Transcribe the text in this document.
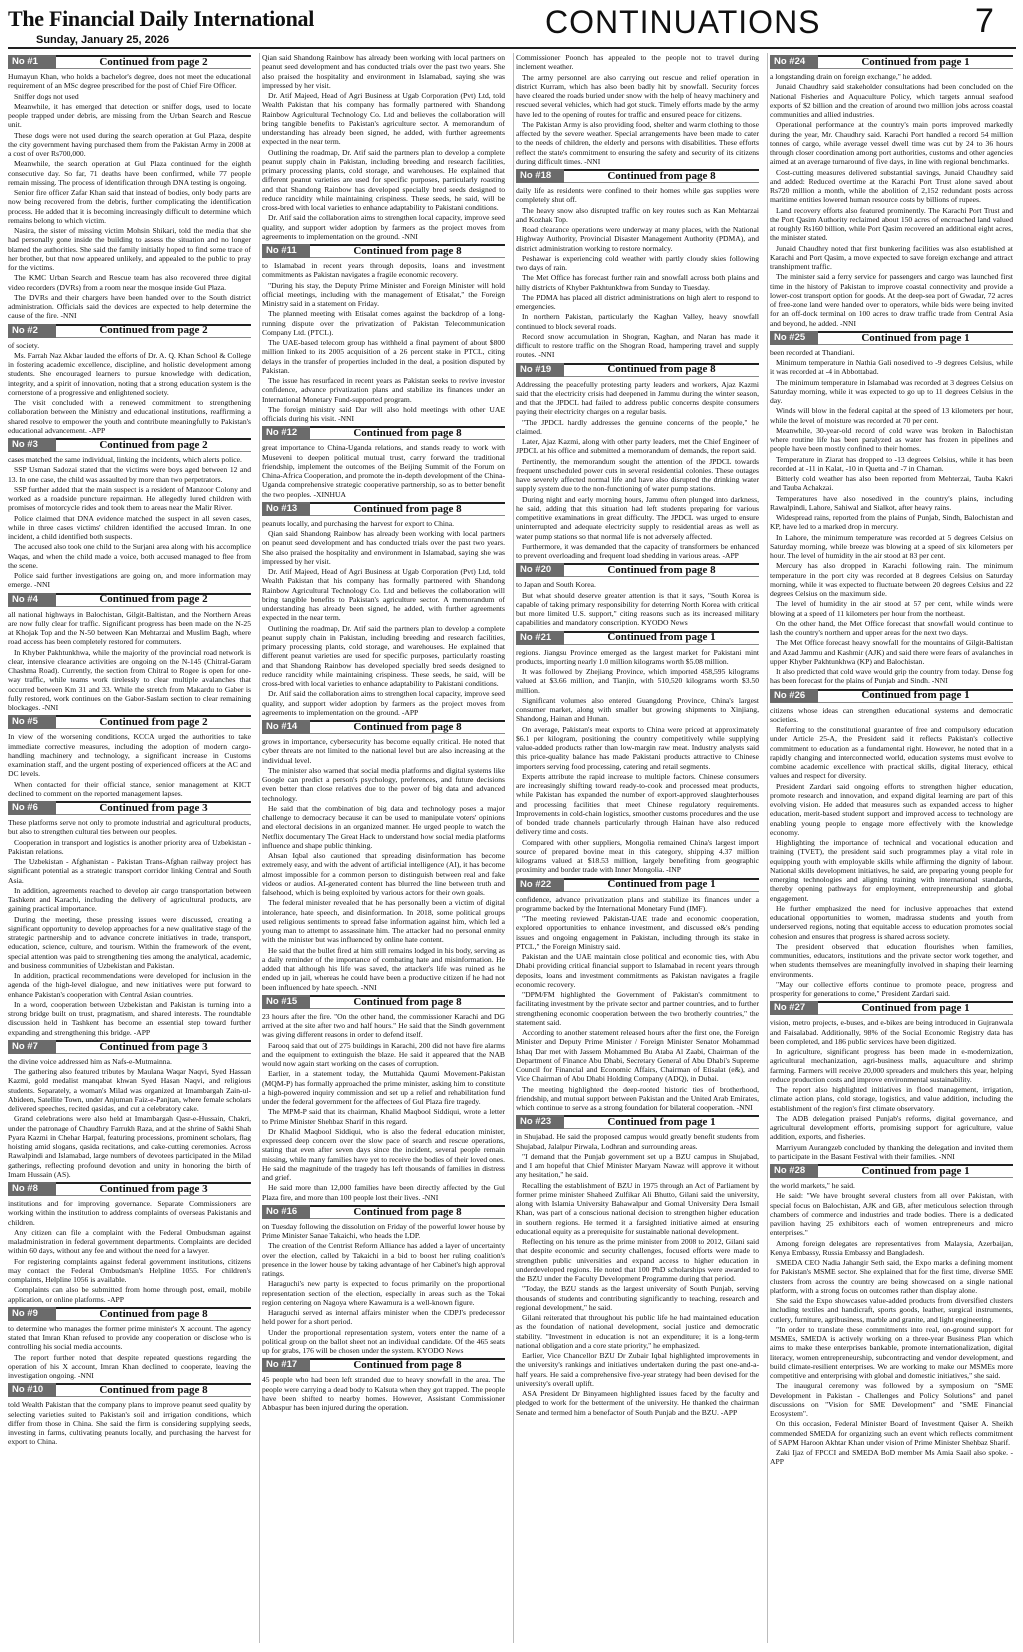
The Financial Daily International
Sunday, January 25, 2026	CONTINUATIONS	7
No #1	Continued from page 2

Humayun Khan, who holds a bachelor's degree, does not meet the educational requirement of an MSc degree prescribed for the post of Chief Fire Officer.

Sniffer dogs not used

Meanwhile, it has emerged that detection or sniffer dogs, used to locate people trapped under debris, are missing from the Urban Search and Rescue unit.

These dogs were not used during the search operation at Gul Plaza, despite the city government having purchased them from the Pakistan Army in 2008 at a cost of over Rs700,000.

Meanwhile, the search operation at Gul Plaza continued for the eighth consecutive day. So far, 71 deaths have been confirmed, while 77 people remain missing. The process of identification through DNA testing is ongoing.

Senior fire officer Zafar Khan said that instead of bodies, only body parts are now being recovered from the debris, further complicating the identification process. He added that it is becoming increasingly difficult to determine which remains belong to which victim.

Nasira, the sister of missing victim Mohsin Shikari, told the media that she had personally gone inside the building to assess the situation and no longer blamed the authorities. She said the family initially hoped to find some trace of her brother, but that now appeared unlikely, and appealed to the public to pray for the victims.

The KMC Urban Search and Rescue team has also recovered three digital video recorders (DVRs) from a room near the mosque inside Gul Plaza.

The DVRs and their chargers have been handed over to the South district administration. Officials said the devices are expected to help determine the cause of the fire. -NNI

No #2	Continued from page 2

of society.

Ms. Farrah Naz Akbar lauded the efforts of Dr. A. Q. Khan School & College in fostering academic excellence, discipline, and holistic development among students. She encouraged learners to pursue knowledge with dedication, integrity, and a spirit of innovation, noting that a strong education system is the cornerstone of a progressive and enlightened society.

The visit concluded with a renewed commitment to strengthening collaboration between the Ministry and educational institutions, reaffirming a shared resolve to empower the youth and contribute meaningfully to Pakistan's educational advancement. -APP

No #3	Continued from page 2

cases matched the same individual, linking the incidents, which alerts police.

SSP Usman Sadozai stated that the victims were boys aged between 12 and 13. In one case, the child was assaulted by more than two perpetrators.

SSP further added that the main suspect is a resident of Manzoor Colony and worked as a roadside puncture repairman. He allegedly lured children with promises of motorcycle rides and took them to areas near the Malir River.

Police claimed that DNA evidence matched the suspect in all seven cases, while in three cases victims' children identified the accused Imran. In one incident, a child identified both suspects.

The accused also took one child to the Surjani area along with his accomplice Waqas, and when the child made a voice, both accused managed to flee from the scene.

Police said further investigations are going on, and more information may emerge. -NNI

No #4	Continued from page 2

all national highways in Balochistan, Gilgit-Baltistan, and the Northern Areas are now fully clear for traffic. Significant progress has been made on the N-25 at Khojak Top and the N-50 between Kan Mehtarzai and Muslim Bagh, where road access has been completely restored for commuters.

In Khyber Pakhtunkhwa, while the majority of the provincial road network is clear, intensive clearance activities are ongoing on the N-145 (Chitral-Garam Chashma Road). Currently, the section from Chitral to Rogee is open for one-way traffic, while teams work tirelessly to clear multiple avalanches that occurred between Km 31 and 33. While the stretch from Makardu to Gaber is fully restored, work continues on the Gabor-Saslam section to clear remaining blockages. -NNI

No #5	Continued from page 2

In view of the worsening conditions, KCCA urged the authorities to take immediate corrective measures, including the adoption of modern cargo-handling machinery and technology, a significant increase in Customs examination staff, and the urgent posting of experienced officers at the AC and DC levels.

When contacted for their official stance, senior management at KICT declined to comment on the reported management lapses.

No #6	Continued from page 3

These platforms serve not only to promote industrial and agricultural products, but also to strengthen cultural ties between our peoples.

Cooperation in transport and logistics is another priority area of Uzbekistan - Pakistan relations.

The Uzbekistan - Afghanistan - Pakistan Trans-Afghan railway project has significant potential as a strategic transport corridor linking Central and South Asia.

In addition, agreements reached to develop air cargo transportation between Tashkent and Karachi, including the delivery of agricultural products, are gaining practical importance.

During the meeting, these pressing issues were discussed, creating a significant opportunity to develop approaches for a new qualitative stage of the strategic partnership and to advance concrete initiatives in trade, transport, education, science, culture, and tourism. Within the framework of the event, special attention was paid to strengthening ties among the analytical, academic, and business communities of Uzbekistan and Pakistan.

In addition, practical recommendations were developed for inclusion in the agenda of the high-level dialogue, and new initiatives were put forward to enhance Pakistan's cooperation with Central Asian countries.

In a word, cooperation between Uzbekistan and Pakistan is turning into a strong bridge built on trust, pragmatism, and shared interests. The roundtable discussion held in Tashkent has become an essential step toward further expanding and strengthening this bridge. -APP

No #7	Continued from page 3

the divine voice addressed him as Nafs-e-Mutmainna.

The gathering also featured tributes by Maulana Waqar Naqvi, Syed Hassan Kazmi, gold medalist manqabat khwan Syed Hasan Naqvi, and religious students. Separately, a woman's Milad was organized at Imambargah Zain-ul-Abideen, Satellite Town, under Anjuman Faiz-e-Panjtan, where female scholars delivered speeches, recited qasidas, and cut a celebratory cake.

Grand celebrations were also held at Imambargah Qasr-e-Hussain, Chakri, under the patronage of Chaudhry Farrukh Raza, and at the shrine of Sakhi Shah Pyara Kazmi in Chehar Harpal, featuring processions, prominent scholars, flag hoisting amid slogans, qasida recitations, and cake-cutting ceremonies. Across Rawalpindi and Islamabad, large numbers of devotees participated in the Milad gatherings, reflecting profound devotion and unity in honoring the birth of Imam Hussain (AS).

No #8	Continued from page 3

institutions and for improving governance. Separate Commissioners are working within the institution to address complaints of overseas Pakistanis and children.

Any citizen can file a complaint with the Federal Ombudsman against maladministration in federal government departments. Complaints are decided within 60 days, without any fee and without the need for a lawyer.

For registering complaints against federal government institutions, citizens may contact the Federal Ombudsman's Helpline 1055. For children's complaints, Helpline 1056 is available.

Complaints can also be submitted from home through post, email, mobile application, or online platforms. -APP

No #9	Continued from page 8

to determine who manages the former prime minister's X account. The agency stated that Imran Khan refused to provide any cooperation or disclose who is controlling his social media accounts.

The report further noted that despite repeated questions regarding the operation of his X account, Imran Khan declined to cooperate, leaving the investigation ongoing. -NNI

No #10	Continued from page 8

told Wealth Pakistan that the company plans to improve peanut seed quality by selecting varieties suited to Pakistan's soil and irrigation conditions, which differ from those in China. She said the firm is considering supplying seeds, investing in farms, cultivating peanuts locally, and purchasing the harvest for export to China.

Qian said Shandong Rainbow has already been working with local partners on peanut seed development and has conducted trials over the past two years. She also praised the hospitality and environment in Islamabad, saying she was impressed by her visit.

Dr. Atif Majeed, Head of Agri Business at Ugab Corporation (Pvt) Ltd, told Wealth Pakistan that his company has formally partnered with Shandong Rainbow Agricultural Technology Co. Ltd and believes the collaboration will bring tangible benefits to Pakistan's agriculture sector. A memorandum of understanding has already been signed, he added, with further agreements expected in the near term.

Outlining the roadmap, Dr. Atif said the partners plan to develop a complete peanut supply chain in Pakistan, including breeding and research facilities, primary processing plants, cold storage, and warehouses. He explained that different peanut varieties are used for specific purposes, particularly roasting and that Shandong Rainbow has developed specially bred seeds designed to reduce rancidity while maintaining crispiness. These seeds, he said, will be cross-bred with local varieties to enhance adaptability to Pakistani conditions.

Dr. Atif said the collaboration aims to strengthen local capacity, improve seed quality, and support wider adoption by farmers as the project moves from agreements to implementation on the ground. -NNI

No #11	Continued from page 8

to Islamabad in recent years through deposits, loans and investment commitments as Pakistan navigates a fragile economic recovery.

"During his stay, the Deputy Prime Minister and Foreign Minister will hold official meetings, including with the management of Etisalat," the Foreign Ministry said in a statement on Friday.

The planned meeting with Etisalat comes against the backdrop of a long-running dispute over the privatization of Pakistan Telecommunication Company Ltd. (PTCL).

The UAE-based telecom group has withheld a final payment of about $800 million linked to its 2005 acquisition of a 26 percent stake in PTCL, citing delays in the transfer of properties included in the deal, a position disputed by Pakistan.

The issue has resurfaced in recent years as Pakistan seeks to revive investor confidence, advance privatization plans and stabilize its finances under an International Monetary Fund-supported program.

The foreign ministry said Dar will also hold meetings with other UAE officials during his visit. -NNI

No #12	Continued from page 8

great importance to China-Uganda relations, and stands ready to work with Museveni to deepen political mutual trust, carry forward the traditional friendship, implement the outcomes of the Beijing Summit of the Forum on China-Africa Cooperation, and promote the in-depth development of the China-Uganda comprehensive strategic cooperative partnership, so as to better benefit the two peoples. -XINHUA

No #13	Continued from page 8

peanuts locally, and purchasing the harvest for export to China.

Qian said Shandong Rainbow has already been working with local partners on peanut seed development and has conducted trials over the past two years. She also praised the hospitality and environment in Islamabad, saying she was impressed by her visit.

Dr. Atif Majeed, Head of Agri Business at Ugab Corporation (Pvt) Ltd, told Wealth Pakistan that his company has formally partnered with Shandong Rainbow Agricultural Technology Co. Ltd and believes the collaboration will bring tangible benefits to Pakistan's agriculture sector. A memorandum of understanding has already been signed, he added, with further agreements expected in the near term.

Outlining the roadmap, Dr. Atif said the partners plan to develop a complete peanut supply chain in Pakistan, including breeding and research facilities, primary processing plants, cold storage, and warehouses. He explained that different peanut varieties are used for specific purposes, particularly roasting and that Shandong Rainbow has developed specially bred seeds designed to reduce rancidity while maintaining crispiness. These seeds, he said, will be cross-bred with local varieties to enhance adaptability to Pakistani conditions.

Dr. Atif said the collaboration aims to strengthen local capacity, improve seed quality, and support wider adoption by farmers as the project moves from agreements to implementation on the ground. -APP

No #14	Continued from page 8

grows in importance, cybersecurity has become equally critical. He noted that cyber threats are not limited to the national level but are also increasing at the individual level.

The minister also warned that social media platforms and digital systems like Google can predict a person's psychology, preferences, and future decisions even better than close relatives due to the power of big data and advanced technology.

He said that the combination of big data and technology poses a major challenge to democracy because it can be used to manipulate voters' opinions and electoral decisions in an organized manner. He urged people to watch the Netflix documentary The Great Hack to understand how social media platforms influence and shape public thinking.

Ahsan Iqbal also cautioned that spreading disinformation has become extremely easy, and with the advent of artificial intelligence (AI), it has become almost impossible for a common person to distinguish between real and fake videos or audios. AI-generated content has blurred the line between truth and falsehood, which is being exploited by various actors for their own goals.

The federal minister revealed that he has personally been a victim of digital intolerance, hate speech, and disinformation. In 2018, some political groups used religious sentiments to spread false information against him, which led a young man to attempt to assassinate him. The attacker had no personal enmity with the minister but was influenced by online hate content.

He said that the bullet fired at him still remains lodged in his body, serving as a daily reminder of the importance of combating hate and misinformation. He added that although his life was saved, the attacker's life was ruined as he ended up in jail, whereas he could have been a productive citizen if he had not been influenced by hate speech. -NNI

No #15	Continued from page 8

23 hours after the fire. "On the other hand, the commissioner Karachi and DG arrived at the site after two and half hours." He said that the Sindh government was giving different reasons in order to defend itself.

Farooq said that out of 275 buildings in Karachi, 200 did not have fire alarms and the equipment to extinguish the blaze. He said it appeared that the NAB would now again start working on the cases of corruption.

Earlier, in a statement today, the Muttahida Qaumi Movement-Pakistan (MQM-P) has formally approached the prime minister, asking him to constitute a high-powered inquiry commission and set up a relief and rehabilitation fund under the federal government for the affectees of Gul Plaza fire tragedy.

The MPM-P said that its chairman, Khalid Maqbool Siddiqui, wrote a letter to Prime Minister Shehbaz Sharif in this regard.

Dr Khalid Maqbool Siddiqui, who is also the federal education minister, expressed deep concern over the slow pace of search and rescue operations, stating that even after seven days since the incident, several people remain missing, while many families have yet to receive the bodies of their loved ones. He said the magnitude of the tragedy has left thousands of families in distress and grief.

He said more than 12,000 families have been directly affected by the Gul Plaza fire, and more than 100 people lost their lives. -NNI

No #16	Continued from page 8

on Tuesday following the dissolution on Friday of the powerful lower house by Prime Minister Sanae Takaichi, who heads the LDP.

The creation of the Centrist Reform Alliance has added a layer of uncertainty over the election, called by Takaichi in a bid to boost her ruling coalition's presence in the lower house by taking advantage of her Cabinet's high approval ratings.

Haraguchi's new party is expected to focus primarily on the proportional representation section of the election, especially in areas such as the Tokai region centering on Nagoya where Kawamura is a well-known figure.

Haraguchi served as internal affairs minister when the CDPJ's predecessor held power for a short period.

Under the proportional representation system, voters enter the name of a political group on the ballot sheet not an individual candidate. Of the 465 seats up for grabs, 176 will be chosen under the system. KYODO News

No #17	Continued from page 8

45 people who had been left stranded due to heavy snowfall in the area. The people were carrying a dead body to Kalsuta when they got trapped. The people have been shifted to nearby homes. However, Assistant Commissioner Abbaspur has been injured during the operation.

Commissioner Poonch has appealed to the people not to travel during inclement weather.

The army personnel are also carrying out rescue and relief operation in district Kurram, which has also been badly hit by snowfall. Security forces have cleared the roads buried under snow with the help of heavy machinery and rescued several vehicles, which had got stuck. Timely efforts made by the army have led to the opening of routes for traffic and ensured peace for citizens.

The Pakistan Army is also providing food, shelter and warm clothing to those affected by the severe weather. Special arrangements have been made to cater to the needs of children, the elderly and persons with disabilities. These efforts reflect the state's commitment to ensuring the safety and security of its citizens during difficult times. -NNI

No #18	Continued from page 8

daily life as residents were confined to their homes while gas supplies were completely shut off.

The heavy snow also disrupted traffic on key routes such as Kan Mehtarzai and Kozhak Top.

Road clearance operations were underway at many places, with the National Highway Authority, Provincial Disaster Management Authority (PDMA), and district administration working to restore normalcy.

Peshawar is experiencing cold weather with partly cloudy skies following two days of rain.

The Met Office has forecast further rain and snowfall across both plains and hilly districts of Khyber Pakhtunkhwa from Sunday to Tuesday.

The PDMA has placed all district administrations on high alert to respond to emergencies.

In northern Pakistan, particularly the Kaghan Valley, heavy snowfall continued to block several roads.

Record snow accumulation in Shogran, Kaghan, and Naran has made it difficult to restore traffic on the Shogran Road, hampering travel and supply routes. -NNI

No #19	Continued from page 8

Addressing the peacefully protesting party leaders and workers, Ajaz Kazmi said that the electricity crisis had deepened in Jammu during the winter season, and that the JPDCL had failed to address public concerns despite consumers paying their electricity charges on a regular basis.

"The JPDCL hardly addresses the genuine concerns of the people," he claimed.

Later, Ajaz Kazmi, along with other party leaders, met the Chief Engineer of JPDCL at his office and submitted a memorandum of demands, the report said.

Pertinently, the memorandum sought the attention of the JPDCL towards frequent unscheduled power cuts in several residential colonies. These outages have severely affected normal life and have also disrupted the drinking water supply system due to the non-functioning of water pump stations.

During night and early morning hours, Jammu often plunged into darkness, he said, adding that this situation had left students preparing for various competitive examinations in great difficulty. The JPDCL was urged to ensure uninterrupted and adequate electricity supply to residential areas as well as water pump stations so that normal life is not adversely affected.

Furthermore, it was demanded that the capacity of transformers be enhanced to prevent overloading and frequent load shedding in various areas. -APP

No #20	Continued from page 8

to Japan and South Korea.

But what should deserve greater attention is that it says, "South Korea is capable of taking primary responsibility for deterring North Korea with critical but more limited U.S. support," citing reasons such as its increased military capabilities and mandatory conscription. KYODO News

No #21	Continued from page 1

regions. Jiangsu Province emerged as the largest market for Pakistani mint products, importing nearly 1.0 million kilograms worth $5.08 million.

It was followed by Zhejiang Province, which imported 458,595 kilograms valued at $3.66 million, and Tianjin, with 510,520 kilograms worth $3.50 million.

Significant volumes also entered Guangdong Province, China's largest consumer market, along with smaller but growing shipments to Xinjiang, Shandong, Hainan and Hunan.

On average, Pakistan's meat exports to China were priced at approximately $6.1 per kilogram, positioning the country competitively while supplying value-added products rather than low-margin raw meat. Industry analysts said this price-quality balance has made Pakistani products attractive to Chinese importers serving food processing, catering and retail segments.

Experts attribute the rapid increase to multiple factors. Chinese consumers are increasingly shifting toward ready-to-cook and processed meat products, while Pakistan has expanded the number of export-approved slaughterhouses and processing facilities that meet Chinese regulatory requirements. Improvements in cold-chain logistics, smoother customs procedures and the use of bonded trade channels particularly through Hainan have also reduced delivery time and costs.

Compared with other suppliers, Mongolia remained China's largest import source of prepared bovine meat in this category, shipping 4.37 million kilograms valued at $18.53 million, largely benefiting from geographic proximity and border trade with Inner Mongolia. -INP

No #22	Continued from page 1

confidence, advance privatization plans and stabilize its finances under a programme backed by the International Monetary Fund (IMF).

"The meeting reviewed Pakistan-UAE trade and economic cooperation, explored opportunities to enhance investment, and discussed e&'s pending issues and ongoing engagement in Pakistan, including through its stake in PTCL," the Foreign Ministry said.

Pakistan and the UAE maintain close political and economic ties, with Abu Dhabi providing critical financial support to Islamabad in recent years through deposits, loans and investment commitments as Pakistan navigates a fragile economic recovery.

"DPM/FM highlighted the Government of Pakistan's commitment to facilitating investment by the private sector and partner countries, and to further strengthening economic cooperation between the two brotherly countries," the statement said.

According to another statement released hours after the first one, the Foreign Minister and Deputy Prime Minister / Foreign Minister Senator Mohammad Ishaq Dar met with Jassem Mohammed Bu Ataba Al Zaabi, Chairman of the Department of Finance Abu Dhabi, Secretary General of Abu Dhabi's Supreme Council for Financial and Economic Affairs, Chairman of Etisalat (e&), and Vice Chairman of Abu Dhabi Holding Company (ADQ), in Dubai.

The meeting highlighted the deep-rooted historic ties of brotherhood, friendship, and mutual support between Pakistan and the United Arab Emirates, which continue to serve as a strong foundation for bilateral cooperation. -NNI

No #23	Continued from page 1

in Shujabad. He said the proposed campus would greatly benefit students from Shujabad, Jalalpur Pirwala, Lodhran and surrounding areas.

"I demand that the Punjab government set up a BZU campus in Shujabad, and I am hopeful that Chief Minister Maryam Nawaz will approve it without any hesitation," he said.

Recalling the establishment of BZU in 1975 through an Act of Parliament by former prime minister Shaheed Zulfikar Ali Bhutto, Gilani said the university, along with Islamia University Bahawalpur and Gomal University Dera Ismail Khan, was part of a conscious national decision to strengthen higher education in southern regions. He termed it a farsighted initiative aimed at ensuring educational equity as a prerequisite for sustainable national development.

Reflecting on his tenure as the prime minister from 2008 to 2012, Gilani said that despite economic and security challenges, focused efforts were made to strengthen public universities and expand access to higher education in underdeveloped regions. He noted that 100 PhD scholarships were awarded to the BZU under the Faculty Development Programme during that period.

"Today, the BZU stands as the largest university of South Punjab, serving thousands of students and contributing significantly to teaching, research and regional development," he said.

Gilani reiterated that throughout his public life he had maintained education as the foundation of national development, social justice and democratic stability. "Investment in education is not an expenditure; it is a long-term national obligation and a core state priority," he emphasized.

Earlier, Vice Chancellor BZU Dr Zubair Iqbal highlighted improvements in the university's rankings and initiatives undertaken during the past one-and-a-half years. He said a comprehensive five-year strategy had been devised for the university's overall uplift.

ASA President Dr Binyameen highlighted issues faced by the faculty and pledged to work for the betterment of the university. He thanked the chairman Senate and termed him a benefactor of South Punjab and the BZU. -APP

No #24	Continued from page 1

a longstanding drain on foreign exchange," he added.

Junaid Chaudhry said stakeholder consultations had been concluded on the National Fisheries and Aquaculture Policy, which targets annual seafood exports of $2 billion and the creation of around two million jobs across coastal communities and allied industries.

Operational performance at the country's main ports improved markedly during the year, Mr. Chaudhry said. Karachi Port handled a record 54 million tonnes of cargo, while average vessel dwell time was cut by 24 to 36 hours through closer coordination among port authorities, customs and other agencies aimed at an average turnaround of five days, in line with regional benchmarks.

Cost-cutting measures delivered substantial savings, Junaid Chaudhry said and added: Reduced overtime at the Karachi Port Trust alone saved about Rs720 million a month, while the abolition of 2,152 redundant posts across maritime entities lowered human resource costs by billions of rupees.

Land recovery efforts also featured prominently. The Karachi Port Trust and the Port Qasim Authority reclaimed about 150 acres of encroached land valued at roughly Rs160 billion, while Port Qasim recovered an additional eight acres, the minister stated.

Junaid Chaudhry noted that first bunkering facilities was also established at Karachi and Port Qasim, a move expected to save foreign exchange and attract transhipment traffic.

The minister said a ferry service for passengers and cargo was launched first time in the history of Pakistan to improve coastal connectivity and provide a lower-cost transport option for goods. At the deep-sea port of Gwadar, 72 acres of free-zone land were handed over to operators, while bids were being invited for an off-dock terminal on 100 acres to draw traffic trade from Central Asia and beyond, he added. -NNI

No #25	Continued from page 1

been recorded at Thandiani.

Minimum temperature in Nathia Gali nosedived to -9 degrees Celsius, while it was recorded at -4 in Abbottabad.

The minimum temperature in Islamabad was recorded at 3 degrees Celsius on Saturday morning, while it was expected to go up to 11 degrees Celsius in the day.

Winds will blow in the federal capital at the speed of 13 kilometers per hour, while the level of moisture was recorded at 70 per cent.

Meanwhile, 30-year-old record of cold wave was broken in Balochistan where routine life has been paralyzed as water has frozen in pipelines and people have been mostly confined to their homes.

Temperature in Ziarat has dropped to -13 degrees Celsius, while it has been recorded at -11 in Kalat, -10 in Quetta and -7 in Chaman.

Bitterly cold weather has also been reported from Mehterzai, Tauba Kakri and Tauba Achakzai.

Temperatures have also nosedived in the country's plains, including Rawalpindi, Lahore, Sahiwal and Sialkot, after heavy rains.

Widespread rains, reported from the plains of Punjab, Sindh, Balochistan and KP, have led to a marked drop in mercury.

In Lahore, the minimum temperature was recorded at 5 degrees Celsius on Saturday morning, while breeze was blowing at a speed of six kilometers per hour. The level of humidity in the air stood at 83 per cent.

Mercury has also dropped in Karachi following rain. The minimum temperature in the port city was recorded at 8 degrees Celsius on Saturday morning, while it was expected to fluctuate between 20 degrees Celsius and 22 degrees Celsius on the maximum side.

The level of humidity in the air stood at 57 per cent, while winds were blowing at a speed of 11 kilometers per hour from the northeast.

On the other hand, the Met Office forecast that snowfall would continue to lash the country's northern and upper areas for the next two days.

The Met Office forecast heavy snowfall for the mountains of Gilgit-Baltistan and Azad Jammu and Kashmir (AJK) and said there were fears of avalanches in upper Khyber Pakhtunkhwa (KP) and Balochistan.

It also predicted that cold wave would grip the country from today. Dense fog has been forecast for the plains of Punjab and Sindh. -NNI

No #26	Continued from page 1

citizens whose ideas can strengthen educational systems and democratic societies.

Referring to the constitutional guarantee of free and compulsory education under Article 25-A, the President said it reflects Pakistan's collective commitment to education as a fundamental right. However, he noted that in a rapidly changing and interconnected world, education systems must evolve to combine academic excellence with practical skills, digital literacy, ethical values and respect for diversity.

President Zardari said ongoing efforts to strengthen higher education, promote research and innovation, and expand digital learning are part of this evolving vision. He added that measures such as expanded access to higher education, merit-based student support and improved access to technology are enabling young people to engage more effectively with the knowledge economy.

Highlighting the importance of technical and vocational education and training (TVET), the president said such programmes play a vital role in equipping youth with employable skills while affirming the dignity of labour. National skills development initiatives, he said, are preparing young people for emerging technologies and aligning training with international standards, thereby opening pathways for employment, entrepreneurship and global engagement.

He further emphasized the need for inclusive approaches that extend educational opportunities to women, madrassa students and youth from underserved regions, noting that equitable access to education promotes social cohesion and ensures that progress is shared across society.

The president observed that education flourishes when families, communities, educators, institutions and the private sector work together, and when students themselves are meaningfully involved in shaping their learning environments.

"May our collective efforts continue to promote peace, progress and prosperity for generations to come," President Zardari said.

No #27	Continued from page 1

vision, metro projects, e-buses, and e-bikes are being introduced in Gujranwala and Faisalabad. Additionally, 98% of the Social Economic Registry data has been completed, and 186 public services have been digitized.

In agriculture, significant progress has been made in e-modernization, agricultural mechanization, agri-business malls, aquaculture and shrimp farming. Farmers will receive 20,000 spreaders and mulchers this year, helping reduce production costs and improve environmental sustainability.

The report also highlighted initiatives in flood management, irrigation, climate action plans, cold storage, logistics, and value addition, including the establishment of the region's first climate observatory.

The ADB delegation praised Punjab's reforms, digital governance, and agricultural development efforts, promising support for agriculture, value addition, exports, and fisheries.

Marriyum Aurangzeb concluded by thanking the delegation and invited them to participate in the Basant Festival with their families. -NNI

No #28	Continued from page 1

the world markets," he said.

He said: "We have brought several clusters from all over Pakistan, with special focus on Balochistan, AJK and GB, after meticulous selection through chambers of commerce and industries and trade bodies. There is a dedicated pavilion having 25 exhibitors each of women entrepreneurs and micro enterprises."

Among foreign delegates are representatives from Malaysia, Azerbaijan, Kenya Embassy, Russia Embassy and Bangladesh.

SMEDA CEO Nadia Jahangir Seth said, the Expo marks a defining moment for Pakistan's MSME sector. She explained that for the first time, diverse SME clusters from across the country are being showcased on a single national platform, with a strong focus on outcomes rather than display alone.

She said the Expo showcases value-added products from diversified clusters including textiles and handicraft, sports goods, leather, surgical instruments, cutlery, furniture, agribusiness, marble and granite, and light engineering.

"In order to translate these commitments into real, on-ground support for MSMEs, SMEDA is actively working on a three-year Business Plan which aims to make these enterprises bankable, promote internationalization, digital literacy, women entrepreneurship, subcontracting and vendor development, and build climate-resilient enterprises. We are working to make our MSMEs more competitive and enterprising with global and domestic initiatives," she said.

The inaugural ceremony was followed by a symposium on "SME Development in Pakistan - Challenges and Policy Solutions" and panel discussions on "Vision for SME Development" and "SME Financial Ecosystem".

On this occasion, Federal Minister Board of Investment Qaiser A. Sheikh commended SMEDA for organizing such an event which reflects commitment of SAPM Haroon Akhtar Khan under vision of Prime Minister Shehbaz Sharif.

Zaki Ijaz of FPCCI and SMEDA BoD member Ms Amia Saail also spoke. -APP
